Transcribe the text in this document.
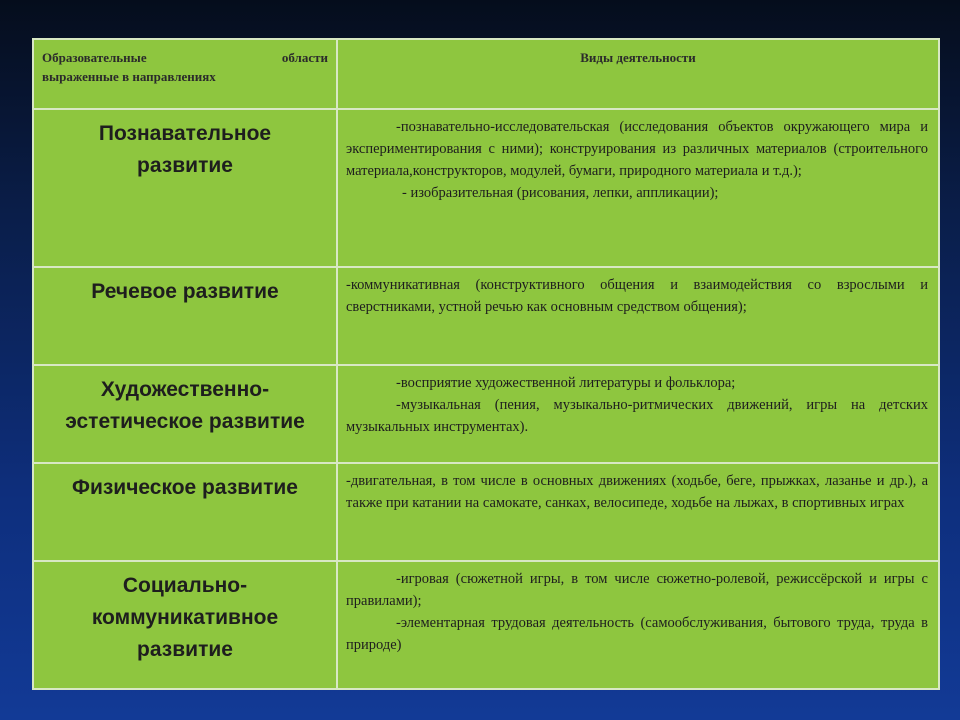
Образовательные области
выраженные в направлениях	Виды деятельности

Познавательное развитие	-познавательно-исследовательская (исследования объектов окружающего мира и экспериментирования с ними); конструирования из различных материалов (строительного материала,конструкторов, модулей, бумаги, природного материала и т.д.);

- изобразительная (рисования, лепки, аппликации);

Речевое развитие	-коммуникативная (конструктивного общения и взаимодействия со взрослыми и сверстниками, устной речью как основным средством общения);

Художественно-эстетическое развитие	-восприятие художественной литературы и фольклора;

-музыкальная (пения, музыкально-ритмических движений, игры на детских музыкальных инструментах).

Физическое развитие	-двигательная, в том числе в основных движениях (ходьбе, беге, прыжках, лазанье и др.), а также при катании на самокате, санках, велосипеде, ходьбе на лыжах, в спортивных играх

Социально-коммуникативное развитие	-игровая (сюжетной игры, в том числе сюжетно-ролевой, режиссёрской и игры с правилами);

-элементарная трудовая деятельность (самообслуживания, бытового труда, труда в природе)
